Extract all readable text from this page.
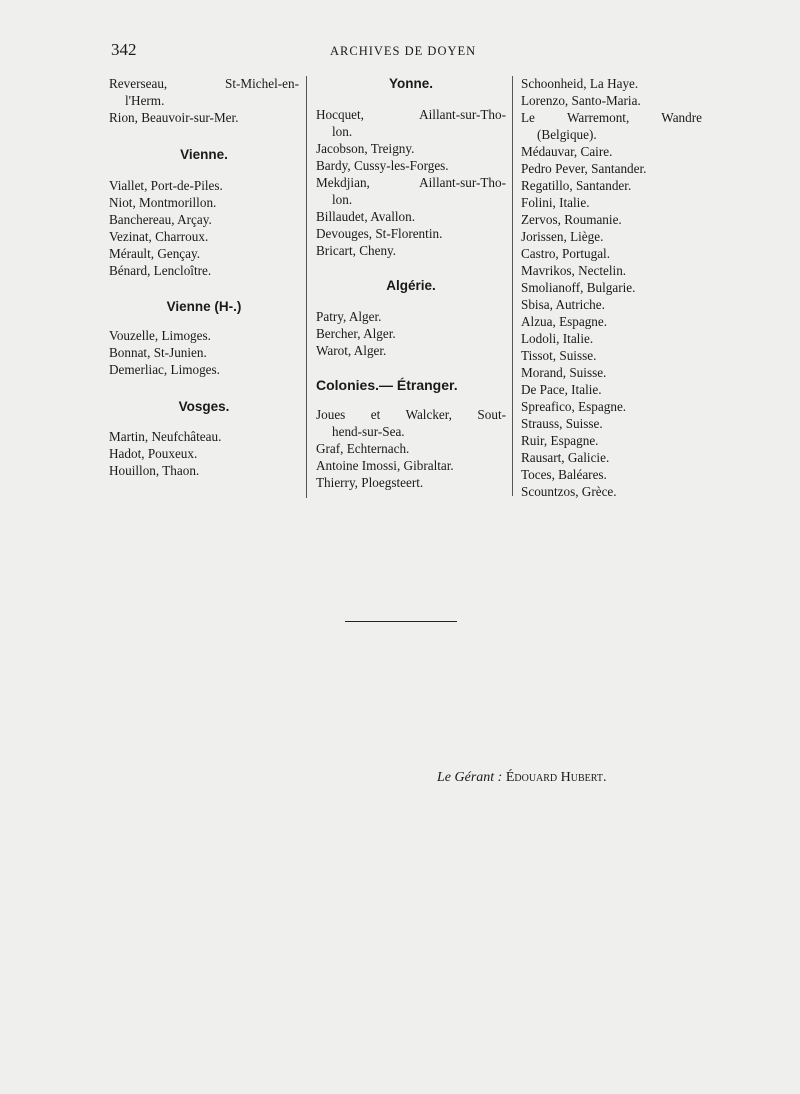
342	ARCHIVES DE DOYEN
Reverseau, St-Michel-en-
l'Herm.
Rion, Beauvoir-sur-Mer.
Vienne.
Viallet, Port-de-Piles.
Niot, Montmorillon.
Banchereau, Arçay.
Vezinat, Charroux.
Mérault, Gençay.
Bénard, Lencloître.
Vienne (H-.)
Vouzelle, Limoges.
Bonnat, St-Junien.
Demerliac, Limoges.
Vosges.
Martin, Neufchâteau.
Hadot, Pouxeux.
Houillon, Thaon.
Yonne.
Hocquet, Aillant-sur-Tho-
lon.
Jacobson, Treigny.
Bardy, Cussy-les-Forges.
Mekdjian, Aillant-sur-Tho-
lon.
Billaudet, Avallon.
Devouges, St-Florentin.
Bricart, Cheny.
Algérie.
Patry, Alger.
Bercher, Alger.
Warot, Alger.
Colonies.— Étranger.
Joues et Walcker, Sout-
hend-sur-Sea.
Graf, Echternach.
Antoine Imossi, Gibraltar.
Thierry, Ploegsteert.
Schoonheid, La Haye.
Lorenzo, Santo-Maria.
Le Warremont, Wandre
(Belgique).
Médauvar, Caire.
Pedro Pever, Santander.
Regatillo, Santander.
Folini, Italie.
Zervos, Roumanie.
Jorissen, Liège.
Castro, Portugal.
Mavrikos, Nectelin.
Smolianoff, Bulgarie.
Sbisa, Autriche.
Alzua, Espagne.
Lodoli, Italie.
Tissot, Suisse.
Morand, Suisse.
De Pace, Italie.
Spreafico, Espagne.
Strauss, Suisse.
Ruir, Espagne.
Rausart, Galicie.
Toces, Baléares.
Scountzos, Grèce.
Le Gérant : Édouard Hubert.
